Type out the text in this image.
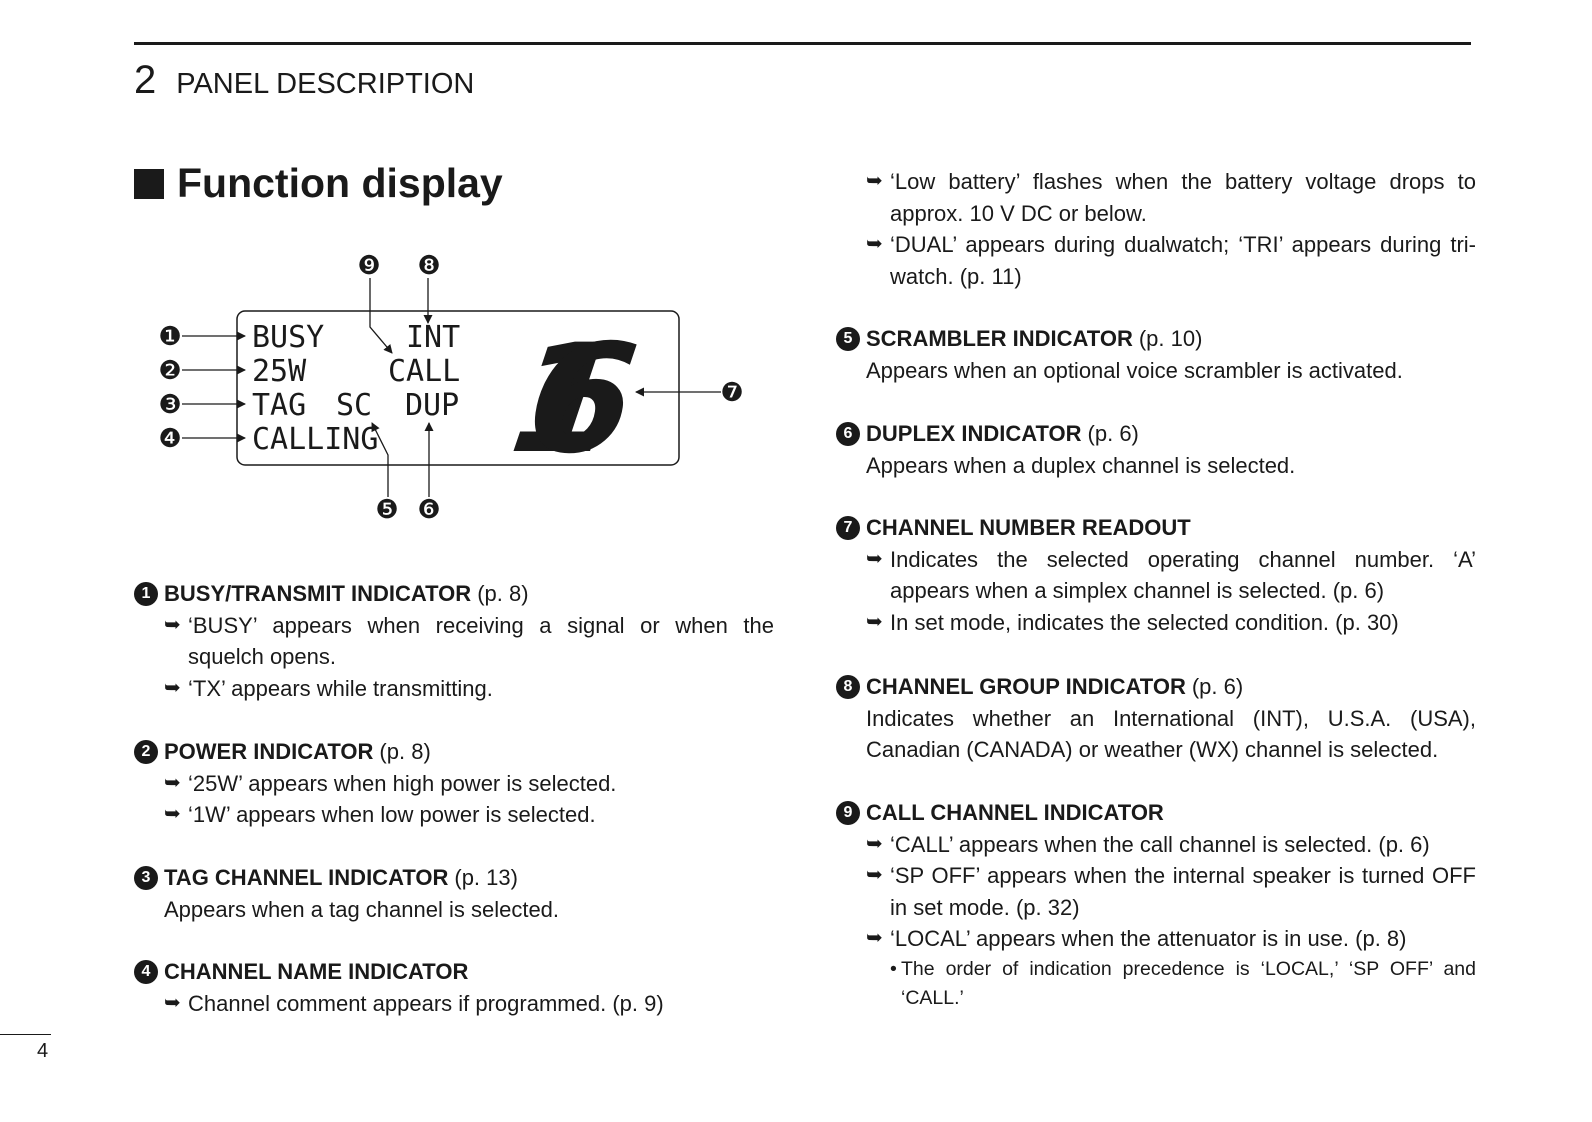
2 PANEL DESCRIPTION
Function display
BUSY	INT
25W	CALL
TAG SC DUP
CALLING 16
❶
❷
❸
❹
❺ ❻
❼
❽
❾
1 BUSY/TRANSMIT INDICATOR (p. 8)
➥ ‘BUSY’ appears when receiving a signal or when the squelch opens.
➥ ‘TX’ appears while transmitting.
2 POWER INDICATOR (p. 8)
➥ ‘25W’ appears when high power is selected.
➥ ‘1W’ appears when low power is selected.
3 TAG CHANNEL INDICATOR (p. 13)
Appears when a tag channel is selected.
4 CHANNEL NAME INDICATOR
➥ Channel comment appears if programmed. (p. 9)
➥ ‘Low battery’ flashes when the battery voltage drops to approx. 10 V DC or below.
➥ ‘DUAL’ appears during dualwatch; ‘TRI’ appears during tri-watch. (p. 11)
5 SCRAMBLER INDICATOR (p. 10)
Appears when an optional voice scrambler is activated.
6 DUPLEX INDICATOR (p. 6)
Appears when a duplex channel is selected.
7 CHANNEL NUMBER READOUT
➥ Indicates the selected operating channel number. ‘A’ appears when a simplex channel is selected. (p. 6)
➥ In set mode, indicates the selected condition. (p. 30)
8 CHANNEL GROUP INDICATOR (p. 6)
Indicates whether an International (INT), U.S.A. (USA), Canadian (CANADA) or weather (WX) channel is selected.
9 CALL CHANNEL INDICATOR
➥ ‘CALL’ appears when the call channel is selected. (p. 6)
➥ ‘SP OFF’ appears when the internal speaker is turned OFF in set mode. (p. 32)
➥ ‘LOCAL’ appears when the attenuator is in use. (p. 8)
• The order of indication precedence is ‘LOCAL,’ ‘SP OFF’ and ‘CALL.’
4
